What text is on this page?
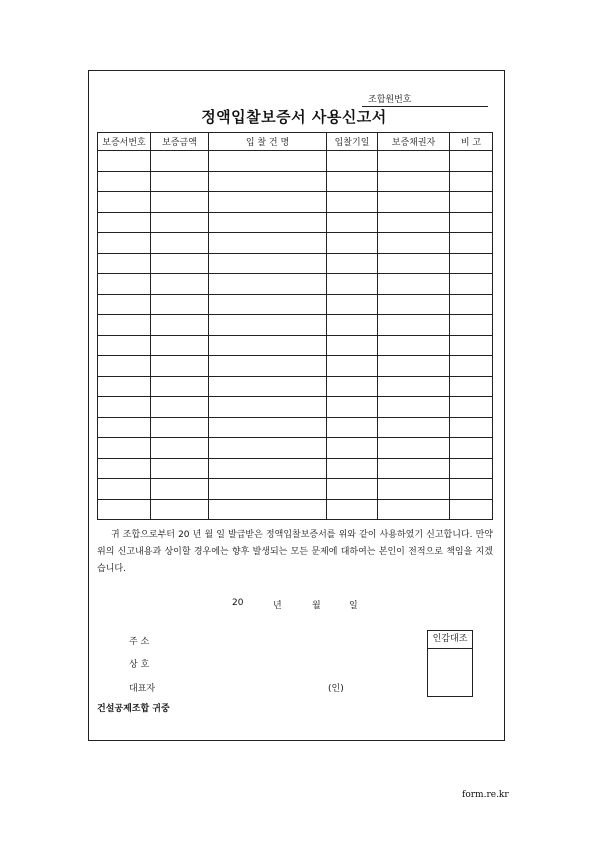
조합원번호
정액입찰보증서 사용신고서
보증서번호	보증금액	입 찰 건 명	입찰기일	보증채권자	비 고

귀 조합으로부터 20 년 월 일 발급받은 정액입찰보증서를 위와 같이 사용하였기 신고합니다. 만약 위의 신고내용과 상이할 경우에는 향후 발생되는 모든 문제에 대하여는 본인이 전적으로 책임을 지겠습니다.

20	년	월	일
주 소
상 호
대표자	(인)
인감대조
건설공제조합 귀중
form.re.kr
